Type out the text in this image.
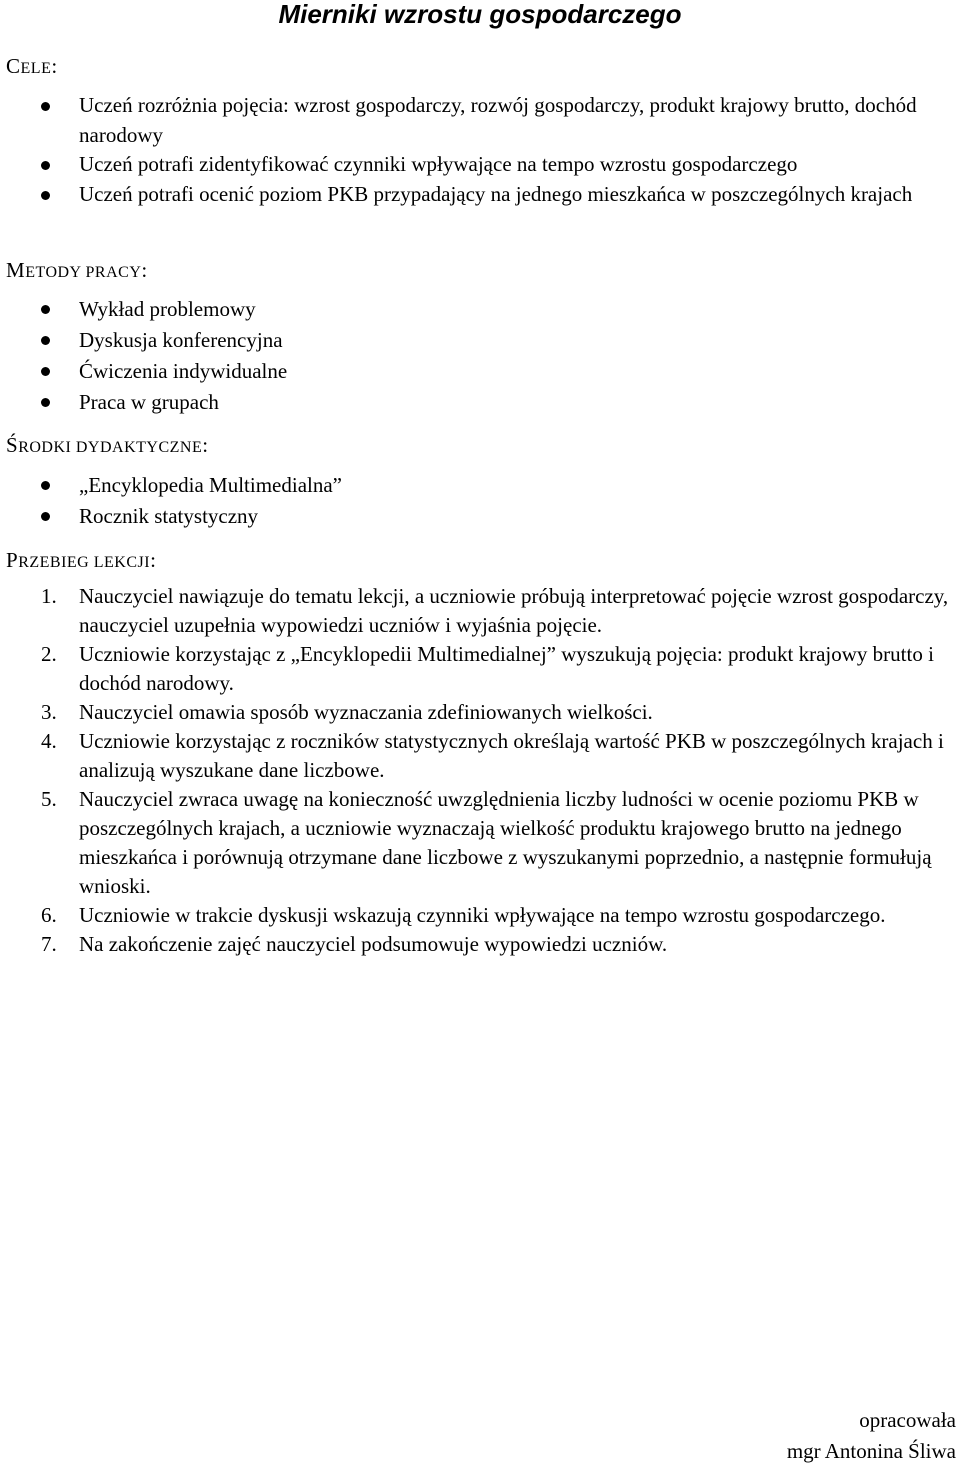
Mierniki wzrostu gospodarczego
CELE:
Uczeń rozróżnia pojęcia: wzrost gospodarczy, rozwój gospodarczy, produkt krajowy brutto, dochód narodowy
Uczeń potrafi zidentyfikować czynniki wpływające na tempo wzrostu gospodarczego
Uczeń potrafi ocenić poziom PKB przypadający na jednego mieszkańca w poszczególnych krajach
METODY PRACY:
Wykład problemowy
Dyskusja konferencyjna
Ćwiczenia indywidualne
Praca w grupach
ŚRODKI DYDAKTYCZNE:
„Encyklopedia Multimedialna”
Rocznik statystyczny
PRZEBIEG LEKCJI:
1. Nauczyciel nawiązuje do tematu lekcji, a uczniowie próbują interpretować pojęcie wzrost gospodarczy, nauczyciel uzupełnia wypowiedzi uczniów i wyjaśnia pojęcie.
2. Uczniowie korzystając z „Encyklopedii Multimedialnej” wyszukują pojęcia: produkt krajowy brutto i dochód narodowy.
3. Nauczyciel omawia sposób wyznaczania zdefiniowanych wielkości.
4. Uczniowie korzystając z roczników statystycznych określają wartość PKB w poszczególnych krajach i analizują wyszukane dane liczbowe.
5. Nauczyciel zwraca uwagę na konieczność uwzględnienia liczby ludności w ocenie poziomu PKB w poszczególnych krajach, a uczniowie wyznaczają wielkość produktu krajowego brutto na jednego mieszkańca i porównują otrzymane dane liczbowe z wyszukanymi poprzednio, a następnie formułują wnioski.
6. Uczniowie w trakcie dyskusji wskazują czynniki wpływające na tempo wzrostu gospodarczego.
7. Na zakończenie zajęć nauczyciel podsumowuje wypowiedzi uczniów.
opracowała
mgr Antonina Śliwa
